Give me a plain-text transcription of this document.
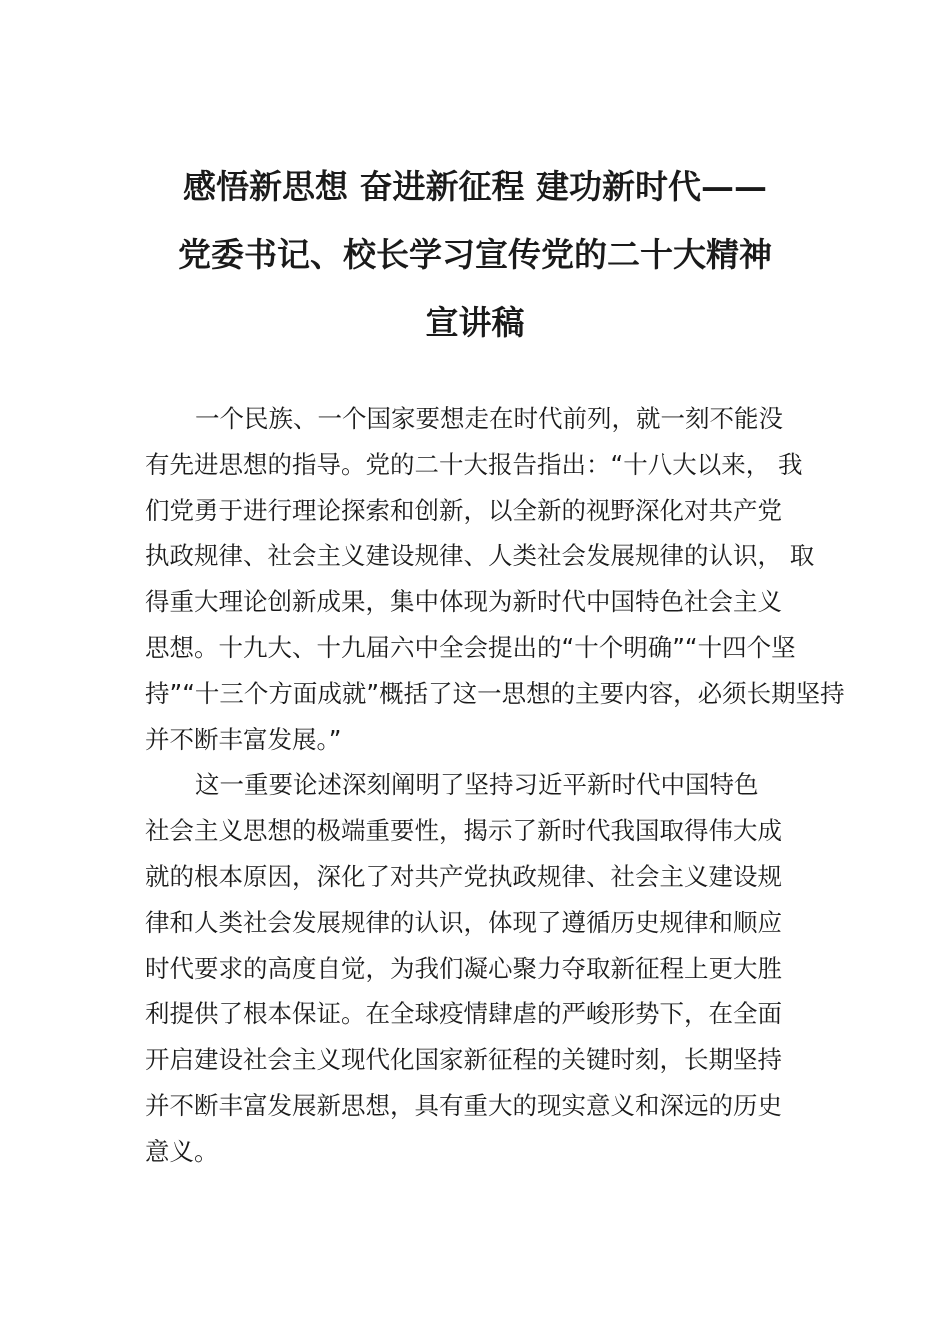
感悟新思想 奋进新征程 建功新时代——
党委书记、校长学习宣传党的二十大精神
宣讲稿
一个民族、一个国家要想走在时代前列，就一刻不能没
有先进思想的指导。党的二十大报告指出：“十八大以来， 我
们党勇于进行理论探索和创新，以全新的视野深化对共产党
执政规律、社会主义建设规律、人类社会发展规律的认识， 取
得重大理论创新成果，集中体现为新时代中国特色社会主义
思想。十九大、十九届六中全会提出的“十个明确”“十四个坚
持”“十三个方面成就”概括了这一思想的主要内容，必须长期坚持
并不断丰富发展。”
这一重要论述深刻阐明了坚持习近平新时代中国特色
社会主义思想的极端重要性，揭示了新时代我国取得伟大成
就的根本原因，深化了对共产党执政规律、社会主义建设规
律和人类社会发展规律的认识，体现了遵循历史规律和顺应
时代要求的高度自觉，为我们凝心聚力夺取新征程上更大胜
利提供了根本保证。在全球疫情肆虐的严峻形势下，在全面
开启建设社会主义现代化国家新征程的关键时刻，长期坚持
并不断丰富发展新思想，具有重大的现实意义和深远的历史
意义。
